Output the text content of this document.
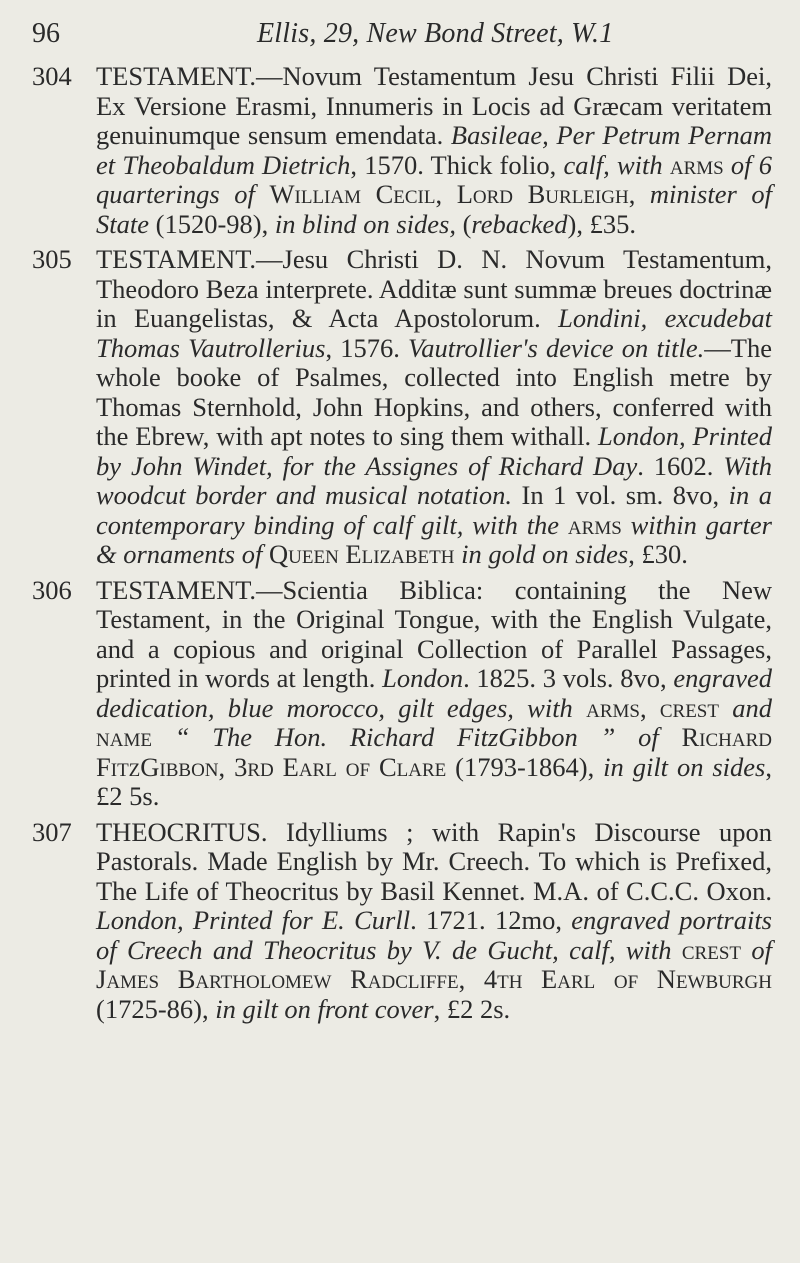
96	Ellis, 29, New Bond Street, W.1
304 TESTAMENT.—Novum Testamentum Jesu Christi Filii Dei, Ex Versione Erasmi, Innumeris in Locis ad Græcam veritatem genuinumque sensum emendata. Basileae, Per Petrum Pernam et Theobaldum Dietrich, 1570. Thick folio, calf, with arms of 6 quarterings of William Cecil, Lord Burleigh, minister of State (1520-98), in blind on sides, (rebacked), £35.
305 TESTAMENT.—Jesu Christi D. N. Novum Testamentum, Theodoro Beza interprete. Additæ sunt summæ breues doctrinæ in Euangelistas, & Acta Apostolorum. Londini, excudebat Thomas Vautrollerius, 1576. Vautrollier's device on title.—The whole booke of Psalmes, collected into English metre by Thomas Sternhold, John Hopkins, and others, conferred with the Ebrew, with apt notes to sing them withall. London, Printed by John Windet, for the Assignes of Richard Day. 1602. With woodcut border and musical notation. In 1 vol. sm. 8vo, in a contemporary binding of calf gilt, with the arms within garter & ornaments of Queen Elizabeth in gold on sides, £30.
306 TESTAMENT.—Scientia Biblica: containing the New Testament, in the Original Tongue, with the English Vulgate, and a copious and original Collection of Parallel Passages, printed in words at length. London. 1825. 3 vols. 8vo, engraved dedication, blue morocco, gilt edges, with arms, crest and name “ The Hon. Richard FitzGibbon ” of Richard FitzGibbon, 3rd Earl of Clare (1793-1864), in gilt on sides, £2 5s.
307 THEOCRITUS. Idylliums ; with Rapin's Discourse upon Pastorals. Made English by Mr. Creech. To which is Prefixed, The Life of Theocritus by Basil Kennet. M.A. of C.C.C. Oxon. London, Printed for E. Curll. 1721. 12mo, engraved portraits of Creech and Theocritus by V. de Gucht, calf, with crest of James Bartholomew Radcliffe, 4th Earl of Newburgh (1725-86), in gilt on front cover, £2 2s.
